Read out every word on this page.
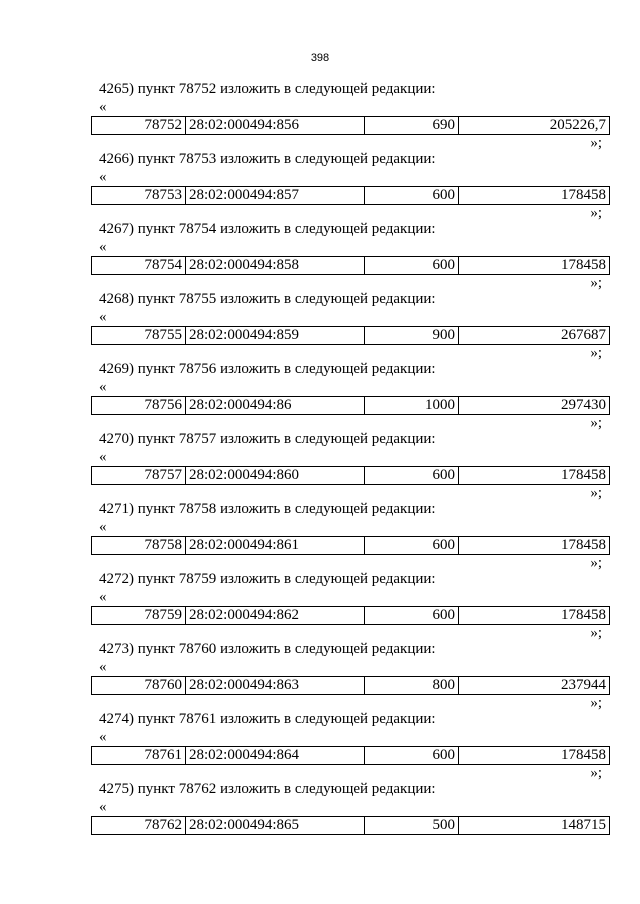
398
4265) пункт 78752 изложить в следующей редакции:
«
78752	28:02:000494:856	690	205226,7
»;
4266) пункт 78753 изложить в следующей редакции:
«
78753	28:02:000494:857	600	178458
»;
4267) пункт 78754 изложить в следующей редакции:
«
78754	28:02:000494:858	600	178458
»;
4268) пункт 78755 изложить в следующей редакции:
«
78755	28:02:000494:859	900	267687
»;
4269) пункт 78756 изложить в следующей редакции:
«
78756	28:02:000494:86	1000	297430
»;
4270) пункт 78757 изложить в следующей редакции:
«
78757	28:02:000494:860	600	178458
»;
4271) пункт 78758 изложить в следующей редакции:
«
78758	28:02:000494:861	600	178458
»;
4272) пункт 78759 изложить в следующей редакции:
«
78759	28:02:000494:862	600	178458
»;
4273) пункт 78760 изложить в следующей редакции:
«
78760	28:02:000494:863	800	237944
»;
4274) пункт 78761 изложить в следующей редакции:
«
78761	28:02:000494:864	600	178458
»;
4275) пункт 78762 изложить в следующей редакции:
«
78762	28:02:000494:865	500	148715
